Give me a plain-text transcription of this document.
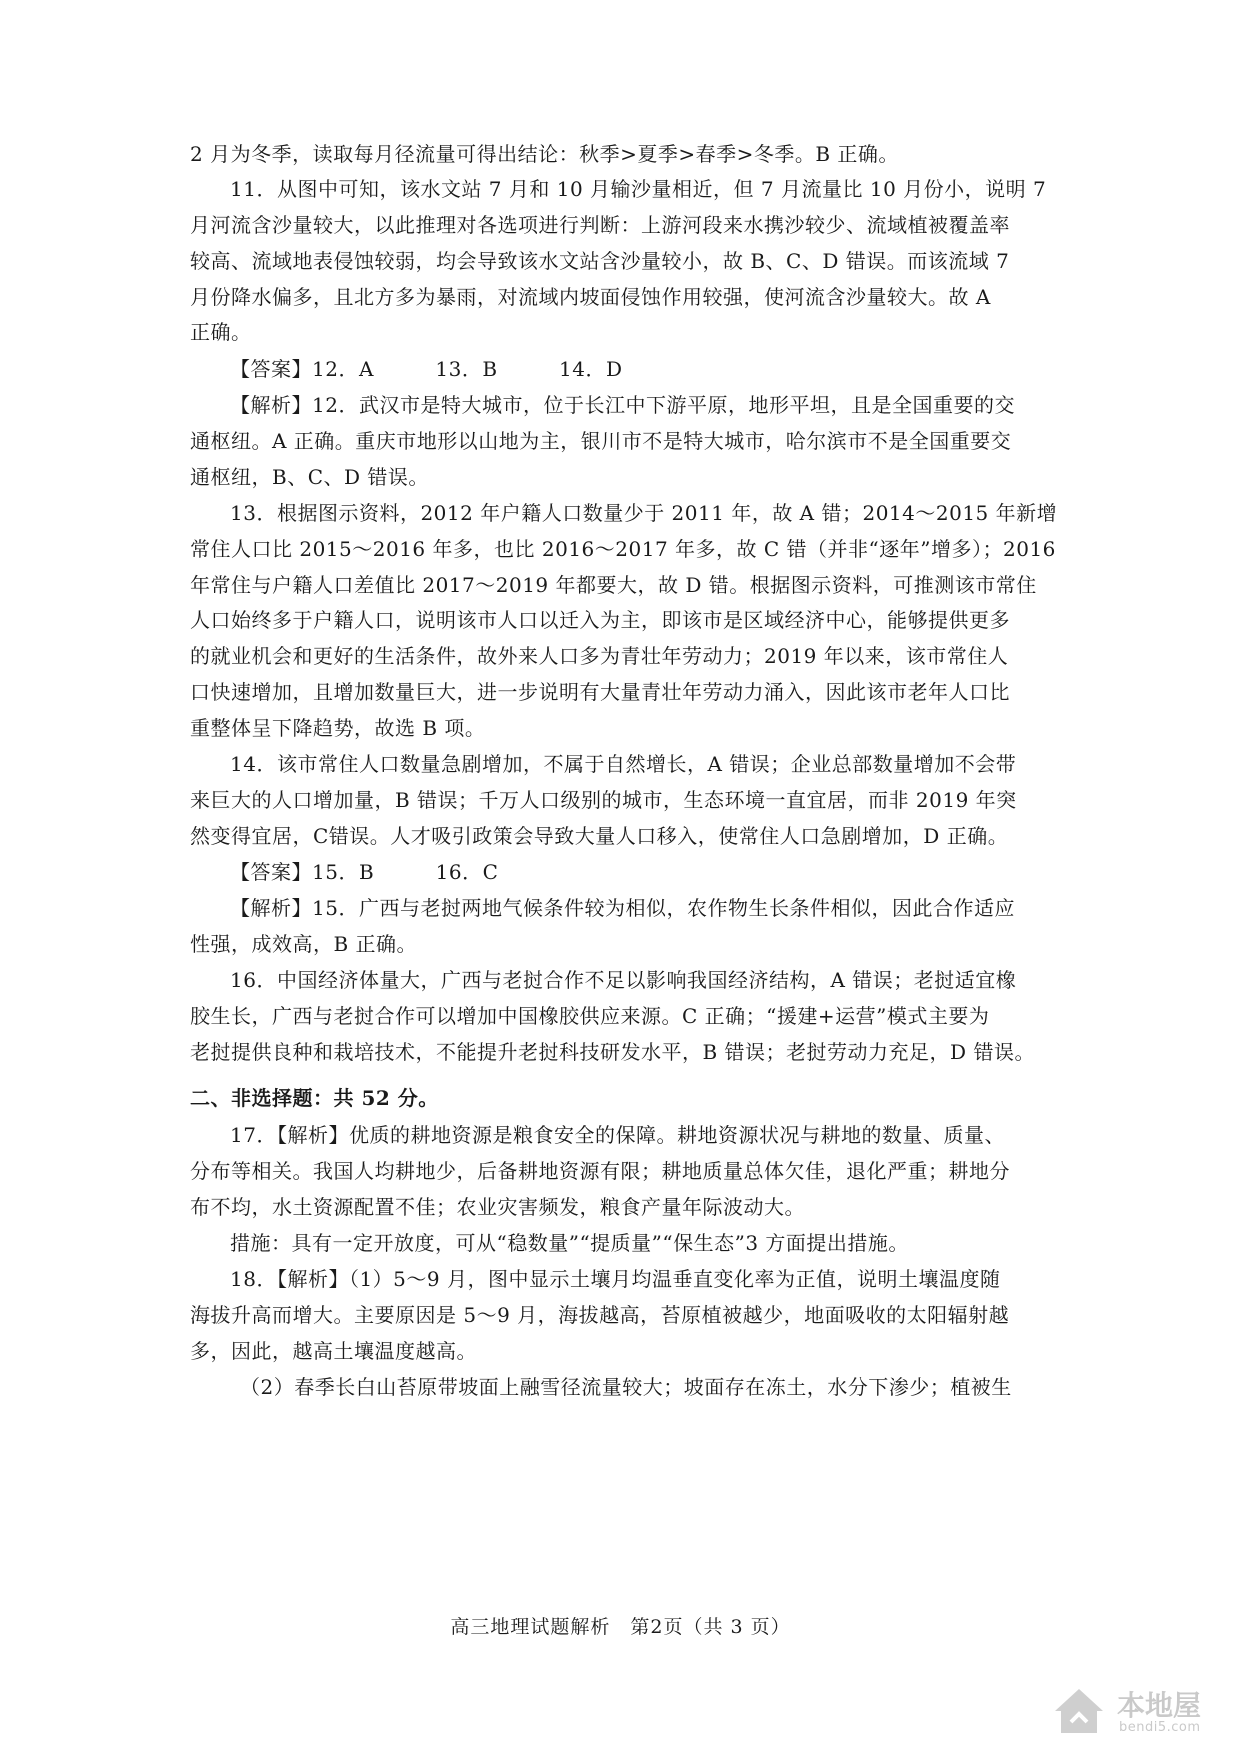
2 月为冬季，读取每月径流量可得出结论：秋季>夏季>春季>冬季。B 正确。
11．从图中可知，该水文站 7 月和 10 月输沙量相近，但 7 月流量比 10 月份小，说明 7
月河流含沙量较大，以此推理对各选项进行判断：上游河段来水携沙较少、流域植被覆盖率
较高、流域地表侵蚀较弱，均会导致该水文站含沙量较小，故 B、C、D 错误。而该流域 7
月份降水偏多，且北方多为暴雨，对流域内坡面侵蚀作用较强，使河流含沙量较大。故 A
正确。
【答案】12．A　　　13．B　　　14．D
【解析】12．武汉市是特大城市，位于长江中下游平原，地形平坦，且是全国重要的交
通枢纽。A 正确。重庆市地形以山地为主，银川市不是特大城市，哈尔滨市不是全国重要交
通枢纽，B、C、D 错误。
13．根据图示资料，2012 年户籍人口数量少于 2011 年，故 A 错；2014～2015 年新增
常住人口比 2015～2016 年多，也比 2016～2017 年多，故 C 错（并非“逐年”增多）；2016
年常住与户籍人口差值比 2017～2019 年都要大，故 D 错。根据图示资料，可推测该市常住
人口始终多于户籍人口，说明该市人口以迁入为主，即该市是区域经济中心，能够提供更多
的就业机会和更好的生活条件，故外来人口多为青壮年劳动力；2019 年以来，该市常住人
口快速增加，且增加数量巨大，进一步说明有大量青壮年劳动力涌入，因此该市老年人口比
重整体呈下降趋势，故选 B 项。
14．该市常住人口数量急剧增加，不属于自然增长，A 错误；企业总部数量增加不会带
来巨大的人口增加量，B 错误；千万人口级别的城市，生态环境一直宜居，而非 2019 年突
然变得宜居，C错误。人才吸引政策会导致大量人口移入，使常住人口急剧增加，D 正确。
【答案】15．B　　　16．C
【解析】15．广西与老挝两地气候条件较为相似，农作物生长条件相似，因此合作适应
性强，成效高，B 正确。
16．中国经济体量大，广西与老挝合作不足以影响我国经济结构，A 错误；老挝适宜橡
胶生长，广西与老挝合作可以增加中国橡胶供应来源。C 正确；“援建+运营”模式主要为
老挝提供良种和栽培技术，不能提升老挝科技研发水平，B 错误；老挝劳动力充足，D 错误。
二、非选择题：共 52 分。
17．【解析】优质的耕地资源是粮食安全的保障。耕地资源状况与耕地的数量、质量、
分布等相关。我国人均耕地少，后备耕地资源有限；耕地质量总体欠佳，退化严重；耕地分
布不均，水土资源配置不佳；农业灾害频发，粮食产量年际波动大。
措施：具有一定开放度，可从“稳数量”“提质量”“保生态”3 方面提出措施。
18．【解析】（1）5～9 月，图中显示土壤月均温垂直变化率为正值，说明土壤温度随
海拔升高而增大。主要原因是 5～9 月，海拔越高，苔原植被越少，地面吸收的太阳辐射越
多，因此，越高土壤温度越高。
（2）春季长白山苔原带坡面上融雪径流量较大；坡面存在冻土，水分下渗少；植被生
高三地理试题解析　第2页（共 3 页）
本地屋
bendi5.com
